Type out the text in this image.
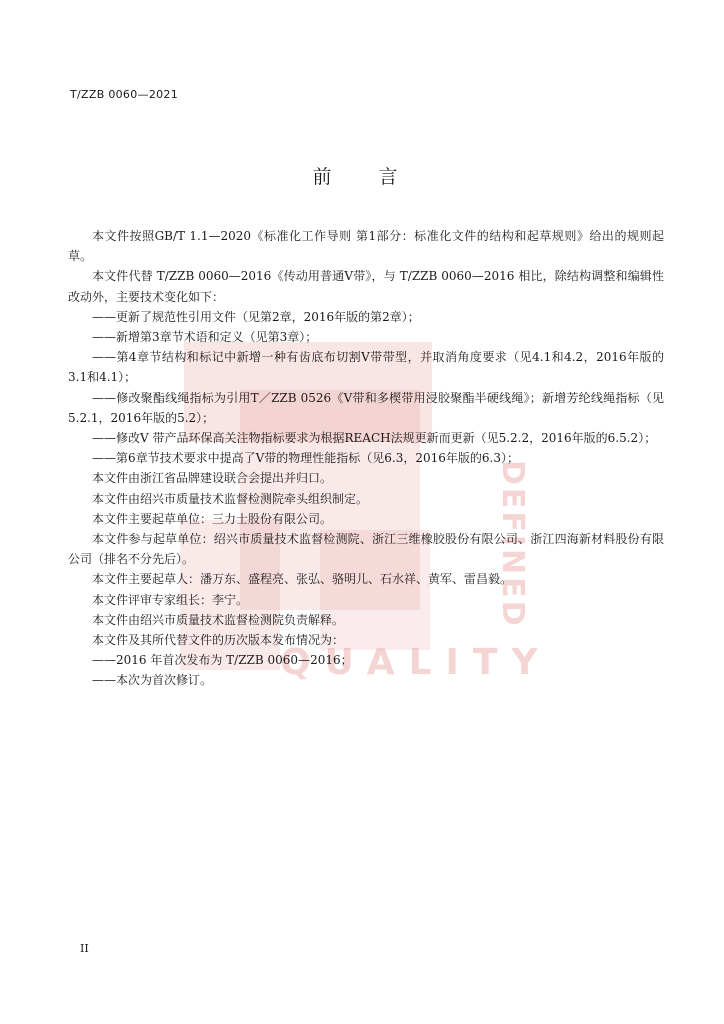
T/ZZB 0060—2021
前　言
DEFINED
QUALITY

本文件按照GB/T 1.1—2020《标准化工作导则 第1部分：标准化文件的结构和起草规则》给出的规则起草。

本文件代替 T/ZZB 0060—2016《传动用普通V带》，与 T/ZZB 0060—2016 相比，除结构调整和编辑性改动外，主要技术变化如下：

——更新了规范性引用文件（见第2章，2016年版的第2章）；

——新增第3章节术语和定义（见第3章）；

——第4章节结构和标记中新增一种有齿底布切割V带带型，并取消角度要求（见4.1和4.2，2016年版的3.1和4.1）；

——修改聚酯线绳指标为引用T／ZZB 0526《V带和多楔带用浸胶聚酯半硬线绳》；新增芳纶线绳指标（见5.2.1，2016年版的5.2）；

——修改V 带产品环保高关注物指标要求为根据REACH法规更新而更新（见5.2.2，2016年版的6.5.2）；

——第6章节技术要求中提高了V带的物理性能指标（见6.3，2016年版的6.3）；

本文件由浙江省品牌建设联合会提出并归口。

本文件由绍兴市质量技术监督检测院牵头组织制定。

本文件主要起草单位：三力士股份有限公司。

本文件参与起草单位：绍兴市质量技术监督检测院、浙江三维橡胶股份有限公司、浙江四海新材料股份有限公司（排名不分先后）。

本文件主要起草人：潘万东、盛程亮、张弘、骆明儿、石水祥、黄军、雷昌毅。

本文件评审专家组长：李宁。

本文件由绍兴市质量技术监督检测院负责解释。

本文件及其所代替文件的历次版本发布情况为：

——2016 年首次发布为 T/ZZB 0060—2016；

——本次为首次修订。

II
